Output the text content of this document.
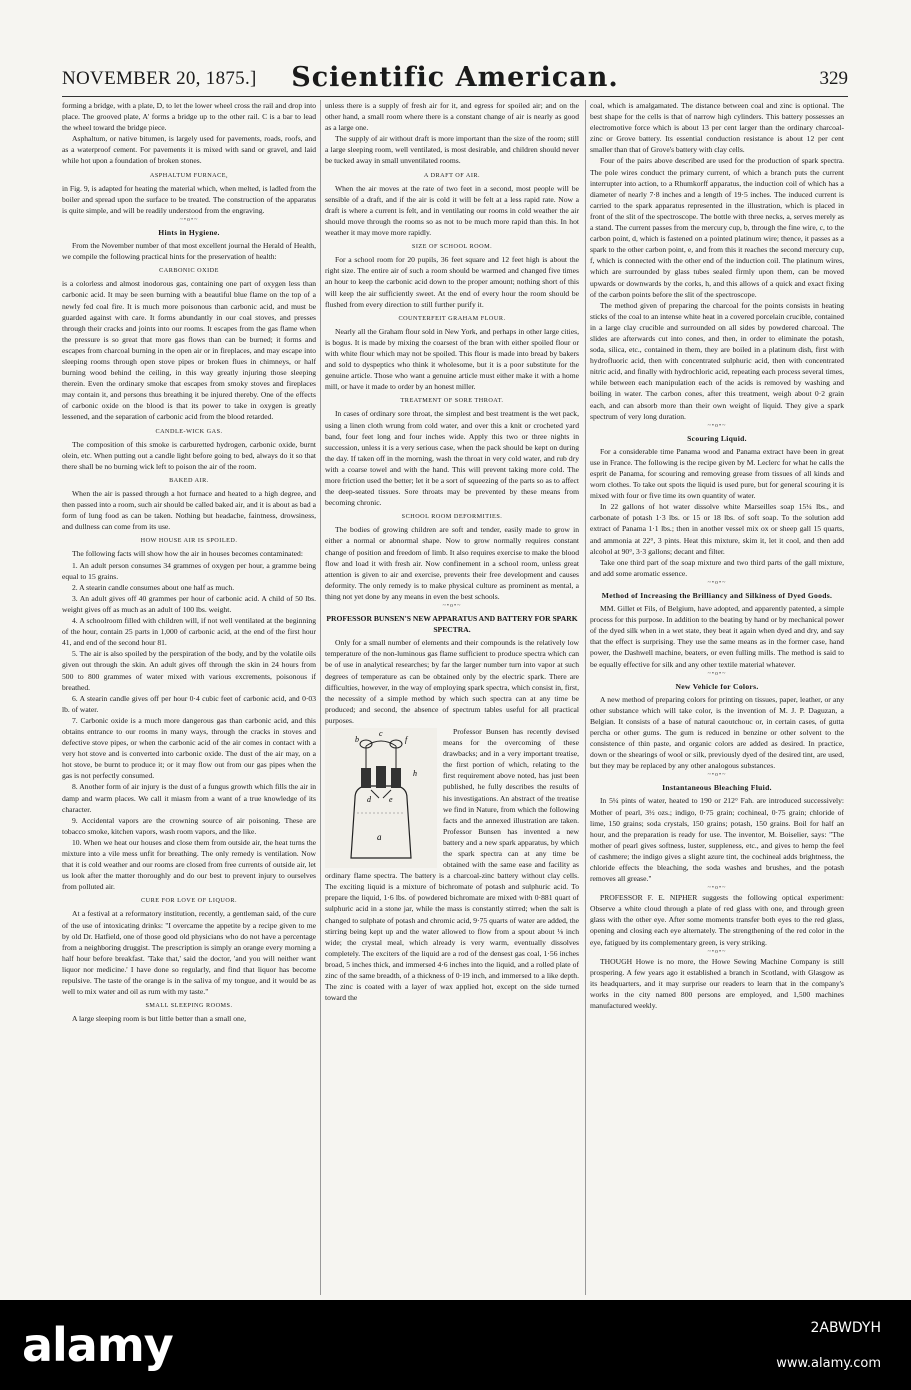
NOVEMBER 20, 1875.]	Scientific American.	329

forming a bridge, with a plate, D, to let the lower wheel cross the rail and drop into place. The grooved plate, A' forms a bridge up to the other rail. C is a bar to lead the wheel toward the bridge piece.

Asphaltum, or native bitumen, is largely used for pavements, roads, roofs, and as a waterproof cement. For pavements it is mixed with sand or gravel, and laid while hot upon a foundation of broken stones.

ASPHALTUM FURNACE,

in Fig. 9, is adapted for heating the material which, when melted, is ladled from the boiler and spread upon the surface to be treated. The construction of the apparatus is quite simple, and will be readily understood from the engraving.

~•o•~
Hints in Hygiene.

From the November number of that most excellent journal the Herald of Health, we compile the following practical hints for the preservation of health:

CARBONIC OXIDE

is a colorless and almost inodorous gas, containing one part of oxygen less than carbonic acid. It may be seen burning with a beautiful blue flame on the top of a newly fed coal fire. It is much more poisonous than carbonic acid, and must be guarded against with care. It forms abundantly in our coal stoves, and presses through their cracks and joints into our rooms. It escapes from the gas flame when the pressure is so great that more gas flows than can be burned; it forms and escapes from charcoal burning in the open air or in fireplaces, and may escape into sleeping rooms through open stove pipes or broken flues in chimneys, or half burning wood behind the ceiling, in this way greatly injuring those sleeping therein. Even the ordinary smoke that escapes from smoky stoves and fireplaces may contain it, and persons thus breathing it be injured thereby. One of the effects of carbonic oxide on the blood is that its power to take in oxygen is greatly lessened, and the separation of carbonic acid from the blood retarded.

CANDLE-WICK GAS.

The composition of this smoke is carburetted hydrogen, carbonic oxide, burnt olein, etc. When putting out a candle light before going to bed, always do it so that there shall be no burning wick left to poison the air of the room.

BAKED AIR.

When the air is passed through a hot furnace and heated to a high degree, and then passed into a room, such air should be called baked air, and it is about as bad a form of lung food as can be taken. Nothing but headache, faintness, drowsiness, and dullness can come from its use.

HOW HOUSE AIR IS SPOILED.

The following facts will show how the air in houses becomes contaminated:

1. An adult person consumes 34 grammes of oxygen per hour, a gramme being equal to 15 grains.

2. A stearin candle consumes about one half as much.

3. An adult gives off 40 grammes per hour of carbonic acid. A child of 50 lbs. weight gives off as much as an adult of 100 lbs. weight.

4. A schoolroom filled with children will, if not well ventilated at the beginning of the hour, contain 25 parts in 1,000 of carbonic acid, at the end of the first hour 41, and end of the second hour 81.

5. The air is also spoiled by the perspiration of the body, and by the volatile oils given out through the skin. An adult gives off through the skin in 24 hours from 500 to 800 grammes of water mixed with various excrements, poisonous if breathed.

6. A stearin candle gives off per hour 0·4 cubic feet of carbonic acid, and 0·03 lb. of water.

7. Carbonic oxide is a much more dangerous gas than carbonic acid, and this obtains entrance to our rooms in many ways, through the cracks in stoves and defective stove pipes, or when the carbonic acid of the air comes in contact with a very hot stove and is converted into carbonic oxide. The dust of the air may, on a hot stove, be burnt to produce it; or it may flow out from our gas pipes when the gas is not perfectly consumed.

8. Another form of air injury is the dust of a fungus growth which fills the air in damp and warm places. We call it miasm from a want of a true knowledge of its character.

9. Accidental vapors are the crowning source of air poisoning. These are tobacco smoke, kitchen vapors, wash room vapors, and the like.

10. When we heat our houses and close them from outside air, the heat turns the mixture into a vile mess unfit for breathing. The only remedy is ventilation. Now that it is cold weather and our rooms are closed from free currents of outside air, let us look after the matter thoroughly and do our best to prevent injury to ourselves from polluted air.

CURE FOR LOVE OF LIQUOR.

At a festival at a reformatory institution, recently, a gentleman said, of the cure of the use of intoxicating drinks: "I overcame the appetite by a recipe given to me by old Dr. Hatfield, one of those good old physicians who do not have a percentage from a neighboring druggist. The prescription is simply an orange every morning a half hour before breakfast. 'Take that,' said the doctor, 'and you will neither want liquor nor medicine.' I have done so regularly, and find that liquor has become repulsive. The taste of the orange is in the saliva of my tongue, and it would be as well to mix water and oil as rum with my taste."

SMALL SLEEPING ROOMS.

A large sleeping room is but little better than a small one,

unless there is a supply of fresh air for it, and egress for spoiled air; and on the other hand, a small room where there is a constant change of air is nearly as good as a large one.

The supply of air without draft is more important than the size of the room; still a large sleeping room, well ventilated, is most desirable, and children should never be tucked away in small unventilated rooms.

A DRAFT OF AIR.

When the air moves at the rate of two feet in a second, most people will be sensible of a draft, and if the air is cold it will be felt at a less rapid rate. Now a draft is where a current is felt, and in ventilating our rooms in cold weather the air should move through the rooms so as not to be much more rapid than this. In hot weather it may move more rapidly.

SIZE OF SCHOOL ROOM.

For a school room for 20 pupils, 36 feet square and 12 feet high is about the right size. The entire air of such a room should be warmed and changed five times an hour to keep the carbonic acid down to the proper amount; nothing short of this will keep the air sufficiently sweet. At the end of every hour the room should be flushed from every direction to still further purify it.

COUNTERFEIT GRAHAM FLOUR.

Nearly all the Graham flour sold in New York, and perhaps in other large cities, is bogus. It is made by mixing the coarsest of the bran with either spoiled flour or with white flour which may not be spoiled. This flour is made into bread by bakers and sold to dyspeptics who think it wholesome, but it is a poor substitute for the genuine article. Those who want a genuine article must either make it with a home mill, or have it made to order by an honest miller.

TREATMENT OF SORE THROAT.

In cases of ordinary sore throat, the simplest and best treatment is the wet pack, using a linen cloth wrung from cold water, and over this a knit or crocheted yard band, four feet long and four inches wide. Apply this two or three nights in succession, unless it is a very serious case, when the pack should be kept on during the day. If taken off in the morning, wash the throat in very cold water, and rub dry with a coarse towel and with the hand. This will prevent taking more cold. The more friction used the better; let it be a sort of squeezing of the parts so as to affect the deep-seated tissues. Sore throats may be prevented by these means from becoming chronic.

SCHOOL ROOM DEFORMITIES.

The bodies of growing children are soft and tender, easily made to grow in either a normal or abnormal shape. Now to grow normally requires constant change of position and freedom of limb. It also requires exercise to make the blood flow and load it with fresh air. Now confinement in a school room, unless great attention is given to air and exercise, prevents their free development and causes deformity. The only remedy is to make physical culture as prominent as mental, a thing not yet done by any means in even the best schools.

~•o•~
PROFESSOR BUNSEN'S NEW APPARATUS AND BATTERY FOR SPARK SPECTRA.

Only for a small number of elements and their compounds is the relatively low temperature of the non-luminous gas flame sufficient to produce spectra which can be of use in analytical researches; by far the larger number turn into vapor at such degrees of temperature as can be obtained only by the electric spark. There are difficulties, however, in the way of employing spark spectra, which consist in, first, the necessity of a simple method by which such spectra can at any time be produced; and second, the absence of spectrum tables useful for all practical purposes.

a
b
c
d e
f
h

Professor Bunsen has recently devised means for the overcoming of these drawbacks; and in a very important treatise, the first portion of which, relating to the first requirement above noted, has just been published, he fully describes the results of his investigations. An abstract of the treatise we find in Nature, from which the following facts and the annexed illustration are taken. Professor Bunsen has invented a new battery and a new spark apparatus, by which the spark spectra can at any time be obtained with the same ease and facility as ordinary flame spectra. The battery is a charcoal-zinc battery without clay cells. The exciting liquid is a mixture of bichromate of potash and sulphuric acid. To prepare the liquid, 1·6 lbs. of powdered bichromate are mixed with 0·881 quart of sulphuric acid in a stone jar, while the mass is constantly stirred; when the salt is changed to sulphate of potash and chromic acid, 9·75 quarts of water are added, the stirring being kept up and the water allowed to flow from a spout about ⅛ inch wide; the crystal meal, which already is very warm, eventually dissolves completely. The exciters of the liquid are a rod of the densest gas coal, 1·56 inches broad, 5 inches thick, and immersed 4·6 inches into the liquid, and a rolled plate of zinc of the same breadth, of a thickness of 0·19 inch, and immersed to a like depth. The zinc is coated with a layer of wax applied hot, except on the side turned toward the

coal, which is amalgamated. The distance between coal and zinc is optional. The best shape for the cells is that of narrow high cylinders. This battery possesses an electromotive force which is about 13 per cent larger than the ordinary charcoal-zinc or Grove battery. Its essential conduction resistance is about 12 per cent smaller than that of Grove's battery with clay cells.

Four of the pairs above described are used for the production of spark spectra. The pole wires conduct the primary current, of which a branch puts the current interrupter into action, to a Rhumkorff apparatus, the induction coil of which has a diameter of nearly 7·8 inches and a length of 19·5 inches. The induced current is carried to the spark apparatus represented in the illustration, which is placed in front of the slit of the spectroscope. The bottle with three necks, a, serves merely as a stand. The current passes from the mercury cup, b, through the fine wire, c, to the carbon point, d, which is fastened on a pointed platinum wire; thence, it passes as a spark to the other carbon point, e, and from this it reaches the second mercury cup, f, which is connected with the other end of the induction coil. The platinum wires, which are surrounded by glass tubes sealed firmly upon them, can be moved upwards or downwards by the corks, h, and this allows of a quick and exact fixing of the carbon points before the slit of the spectroscope.

The method given of preparing the charcoal for the points consists in heating sticks of the coal to an intense white heat in a covered porcelain crucible, contained in a large clay crucible and surrounded on all sides by powdered charcoal. The slides are afterwards cut into cones, and then, in order to eliminate the potash, soda, silica, etc., contained in them, they are boiled in a platinum dish, first with hydrofluoric acid, then with concentrated sulphuric acid, then with concentrated nitric acid, and finally with hydrochloric acid, repeating each process several times, while between each manipulation each of the acids is removed by washing and boiling in water. The carbon cones, after this treatment, weigh about 0·2 grain each, and can absorb more than their own weight of liquid. They give a spark spectrum of very long duration.

~•o•~
Scouring Liquid.

For a considerable time Panama wood and Panama extract have been in great use in France. The following is the recipe given by M. Leclerc for what he calls the esprit de Panama, for scouring and removing grease from tissues of all kinds and worn clothes. To take out spots the liquid is used pure, but for general scouring it is mixed with four or five time its own quantity of water.

In 22 gallons of hot water dissolve white Marseilles soap 15¼ lbs., and carbonate of potash 1·3 lbs. or 15 or 18 lbs. of soft soap. To the solution add extract of Panama 1·1 lbs.; then in another vessel mix ox or sheep gall 15 quarts, and ammonia at 22°, 3 pints. Heat this mixture, skim it, let it cool, and then add alcohol at 90°, 3·3 gallons; decant and filter.

Take one third part of the soap mixture and two third parts of the gall mixture, and add some aromatic essence.

~•o•~
Method of Increasing the Brilliancy and Silkiness of Dyed Goods.

MM. Gillet et Fils, of Belgium, have adopted, and apparently patented, a simple process for this purpose. In addition to the beating by hand or by mechanical power of the dyed silk when in a wet state, they beat it again when dyed and dry, and say that the effect is surprising. They use the same means as in the former case, hand power, the Dashwell machine, beaters, or even fulling mills. The method is said to be equally effective for silk and any other textile material whatever.

~•o•~
New Vehicle for Colors.

A new method of preparing colors for printing on tissues, paper, leather, or any other substance which will take color, is the invention of M. J. P. Daguzan, a Belgian. It consists of a base of natural caoutchouc or, in certain cases, of gutta percha or other gums. The gum is reduced in benzine or other solvent to the consistence of thin paste, and organic colors are added as desired. In practice, down or the shearings of wool or silk, previously dyed of the desired tint, are used, but they may be replaced by any other analogous substances.

~•o•~
Instantaneous Bleaching Fluid.

In 5¼ pints of water, heated to 190 or 212° Fah. are introduced successively: Mother of pearl, 3½ ozs.; indigo, 0·75 grain; cochineal, 0·75 grain; chloride of lime, 150 grains; soda crystals, 150 grains; potash, 150 grains. Boil for half an hour, and the preparation is ready for use. The inventor, M. Boiselier, says: "The mother of pearl gives softness, luster, suppleness, etc., and gives to hemp the feel of cashmere; the indigo gives a slight azure tint, the cochineal adds brightness, the chloride effects the bleaching, the soda washes and brushes, and the potash removes all grease."

~•o•~

PROFESSOR F. E. NIPHER suggests the following optical experiment: Observe a white cloud through a plate of red glass with one, and through green glass with the other eye. After some moments transfer both eyes to the red glass, opening and closing each eye alternately. The strengthening of the red color in the eye, fatigued by its complementary green, is very striking.

~•o•~

THOUGH Howe is no more, the Howe Sewing Machine Company is still prospering. A few years ago it established a branch in Scotland, with Glasgow as its headquarters, and it may surprise our readers to learn that in the company's works in the city named 800 persons are employed, and 1,500 machines manufactured weekly.

alamy	2ABWDYH
www.alamy.com
